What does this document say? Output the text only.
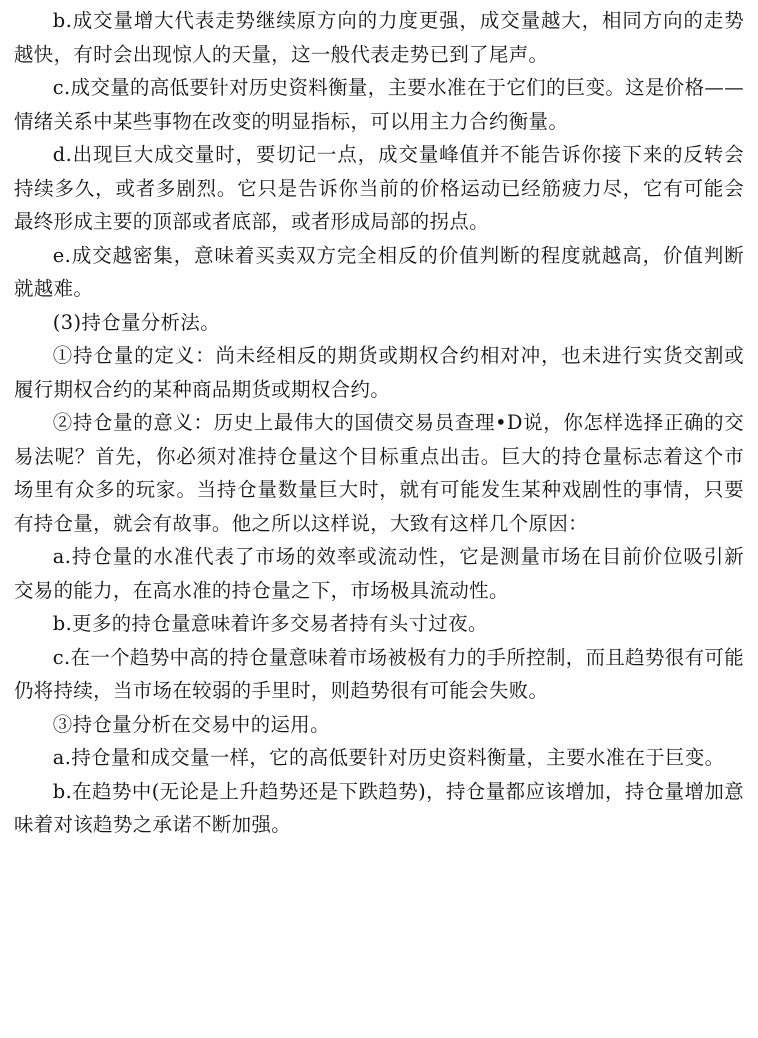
b.成交量增大代表走势继续原方向的力度更强，成交量越大，相同方向的走势越快，有时会出现惊人的天量，这一般代表走势已到了尾声。

c.成交量的高低要针对历史资料衡量，主要水准在于它们的巨变。这是价格——情绪关系中某些事物在改变的明显指标，可以用主力合约衡量。

d.出现巨大成交量时，要切记一点，成交量峰值并不能告诉你接下来的反转会持续多久，或者多剧烈。它只是告诉你当前的价格运动已经筋疲力尽，它有可能会最终形成主要的顶部或者底部，或者形成局部的拐点。

e.成交越密集，意味着买卖双方完全相反的价值判断的程度就越高，价值判断就越难。

(3)持仓量分析法。

①持仓量的定义：尚未经相反的期货或期权合约相对冲，也未进行实货交割或履行期权合约的某种商品期货或期权合约。

②持仓量的意义：历史上最伟大的国债交易员查理•D说，你怎样选择正确的交易法呢？首先，你必须对准持仓量这个目标重点出击。巨大的持仓量标志着这个市场里有众多的玩家。当持仓量数量巨大时，就有可能发生某种戏剧性的事情，只要有持仓量，就会有故事。他之所以这样说，大致有这样几个原因：

a.持仓量的水准代表了市场的效率或流动性，它是测量市场在目前价位吸引新交易的能力，在高水准的持仓量之下，市场极具流动性。

b.更多的持仓量意味着许多交易者持有头寸过夜。

c.在一个趋势中高的持仓量意味着市场被极有力的手所控制，而且趋势很有可能仍将持续，当市场在较弱的手里时，则趋势很有可能会失败。

③持仓量分析在交易中的运用。

a.持仓量和成交量一样，它的高低要针对历史资料衡量，主要水准在于巨变。

b.在趋势中(无论是上升趋势还是下跌趋势)，持仓量都应该增加，持仓量增加意味着对该趋势之承诺不断加强。
